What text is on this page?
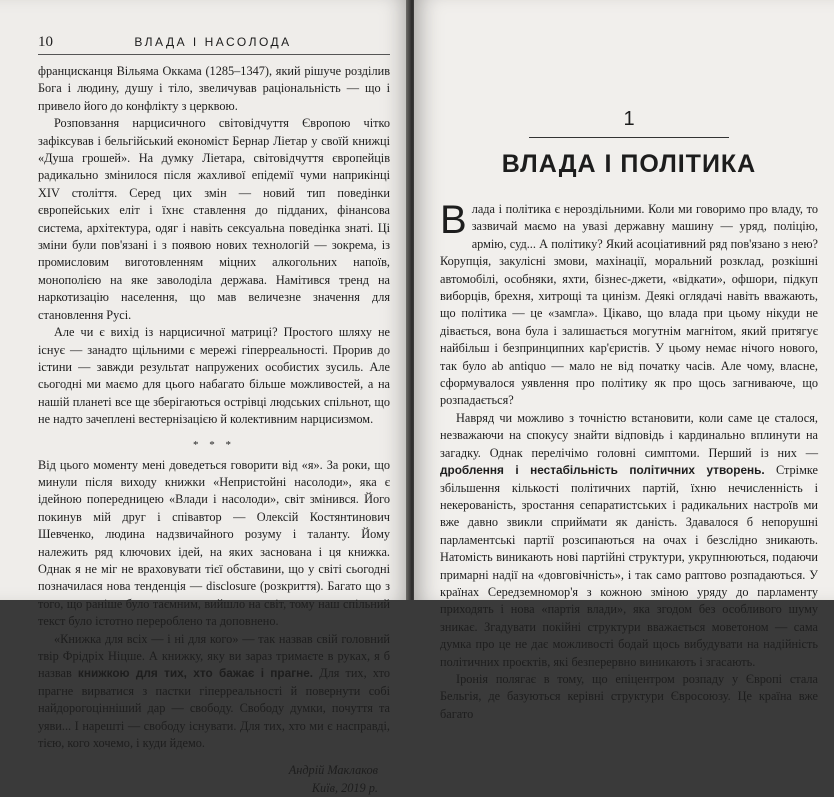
10	ВЛАДА І НАСОЛОДА

францисканця Вільяма Оккама (1285–1347), який рішуче розділив Бога і людину, душу і тіло, звеличував раціональність — що і привело його до конфлікту з церквою.

Розповзання нарцисичного світовідчуття Європою чітко зафіксував і бельгійський економіст Бернар Ліетар у своїй книжці «Душа грошей». На думку Ліетара, світовідчуття європейців радикально змінилося після жахливої епідемії чуми наприкінці XIV століття. Серед цих змін — новий тип поведінки європейських еліт і їхнє ставлення до підданих, фінансова система, архітектура, одяг і навіть сексуальна поведінка знаті. Ці зміни були пов'язані і з появою нових технологій — зокрема, із промисловим виготовленням міцних алкогольних напоїв, монополією на яке заволоділа держава. Намітився тренд на наркотизацію населення, що мав величезне значення для становлення Русі.

Але чи є вихід із нарцисичної матриці? Простого шляху не існує — занадто щільними є мережі гіперреальності. Прорив до істини — завжди результат напружених особистих зусиль. Але сьогодні ми маємо для цього набагато більше можливостей, а на нашій планеті все ще зберігаються острівці людських спільнот, що не надто зачеплені вестернізацією й колективним нарцисизмом.

* * *

Від цього моменту мені доведеться говорити від «я». За роки, що минули після виходу книжки «Непристойні насолоди», яка є ідейною попередницею «Влади і насолоди», світ змінився. Його покинув мій друг і співавтор — Олексій Костянтинович Шевченко, людина надзвичайного розуму і таланту. Йому належить ряд ключових ідей, на яких заснована і ця книжка. Однак я не міг не враховувати тієї обставини, що у світі сьогодні позначилася нова тенденція — disclosure (розкриття). Багато що з того, що раніше було таємним, вийшло на світ, тому наш спільний текст було істотно перероблено та доповнено.

«Книжка для всіх — і ні для кого» — так назвав свій головний твір Фрідріх Ніцше. А книжку, яку ви зараз тримаєте в руках, я б назвав книжкою для тих, хто бажає і прагне. Для тих, хто прагне вирватися з пастки гіперреальності й повернути собі найдорогоцінніший дар — свободу. Свободу думки, почуття та уяви... І нарешті — свободу існувати. Для тих, хто ми є насправді, тією, кого хочемо, і куди йдемо.

Андрій Маклаков
Київ, 2019 р.
1
ВЛАДА І ПОЛІТИКА

Влада і політика є нероздільними. Коли ми говоримо про владу, то зазвичай маємо на увазі державну машину — уряд, поліцію, армію, суд... А політику? Який асоціативний ряд пов'язано з нею? Корупція, закулісні змови, махінації, моральний розклад, розкішні автомобілі, особняки, яхти, бізнес-джети, «відкати», офшори, підкуп виборців, брехня, хитрощі та цинізм. Деякі оглядачі навіть вважають, що політика — це «замгла». Цікаво, що влада при цьому нікуди не дівається, вона була і залишається могутнім магнітом, який притягує найбільш і безпринципних кар'єристів. У цьому немає нічого нового, так було ab antiquo — мало не від початку часів. Але чому, власне, сформувалося уявлення про політику як про щось загниваюче, що розпадається?

Навряд чи можливо з точністю встановити, коли саме це сталося, незважаючи на спокусу знайти відповідь і кардинально вплинути на загадку. Однак перелічімо головні симптоми. Перший із них — дроблення і нестабільність політичних утворень. Стрімке збільшення кількості політичних партій, їхню нечисленність і некерованість, зростання сепаратистських і радикальних настроїв ми вже давно звикли сприймати як даність. Здавалося б непорушні парламентські партії розсипаються на очах і безслідно зникають. Натомість виникають нові партійні структури, укрупнюються, подаючи примарні надії на «довговічність», і так само раптово розпадаються. У країнах Середземномор'я з кожною зміною уряду до парламенту приходять і нова «партія влади», яка згодом без особливого шуму зникає. Згадувати покійні структури вважається моветоном — сама думка про це не дає можливості бодай щось вибудувати на надійність політичних проєктів, які безперервно виникають і згасають.

Іронія полягає в тому, що епіцентром розпаду у Європі стала Бельгія, де базуються керівні структури Євросоюзу. Це країна вже багато
